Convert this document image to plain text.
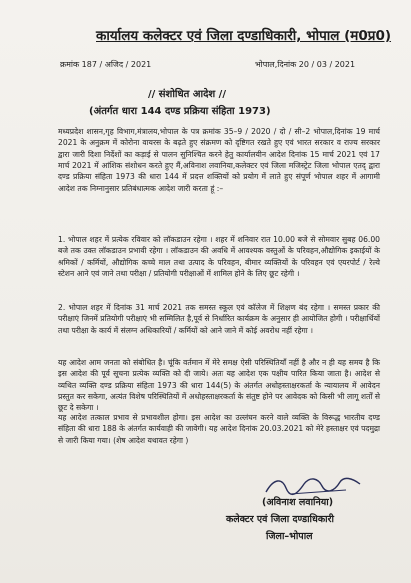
कार्यालय कलेक्टर एवं जिला दण्डाधिकारी, भोपाल (म0प्र0)
क्रमांक 187 / अजिद / 2021	भोपाल,दिनांक 20 / 03 / 2021
// संशोधित आदेश //
(अंतर्गत धारा 144 दण्ड प्रक्रिया संहिता 1973)
मध्यप्रदेश शासन,गृह विभाग,मंत्रालय,भोपाल के पत्र क्रमांक 35–9 / 2020 / दो / सी–2 भोपाल,दिनांक 19 मार्च 2021 के अनुक्रम में कोरोना वायरस के बढ़ते हुए संक्रमण को दृष्टिगत रखते हुए एवं भारत सरकार व राज्य सरकार द्वारा जारी दिशा निर्देशों का कड़ाई से पालन सुनिश्चित करने हेतु कार्यालयीन आदेश दिनांक 15 मार्च 2021 एवं 17 मार्च 2021 में आंशिक संशोधन करते हुए मैं,अविनाश लवानिया,कलेक्टर एवं जिला मजिस्ट्रेट जिला भोपाल एतद् द्वारा दण्ड प्रक्रिया संहिता 1973 की धारा 144 में प्रदत्त शक्तियों को प्रयोग में लाते हुए संपूर्ण भोपाल शहर में आगामी आदेश तक निम्नानुसार प्रतिबंधात्मक आदेश जारी करता हूं :–
1. भोपाल शहर में प्रत्येक रविवार को लॉकडाउन रहेगा । शहर में शनिवार रात 10.00 बजे से सोमवार सुबह 06.00 बजे तक उक्त लॉकडाउन प्रभावी रहेगा । लॉकडाउन की अवधि में आवश्यक वस्तुओं के परिवहन,औद्योगिक इकाईयों के श्रमिकों / कर्मियों, औद्योगिक कच्चे माल तथा उत्पाद के परिवहन, बीमार व्यक्तियों के परिवहन एवं एयरपोर्ट / रेल्वे स्टेशन आने एवं जाने तथा परीक्षा / प्रतियोगी परीक्षाओं में शामिल होने के लिए छूट रहेगी ।
2. भोपाल शहर में दिनांक 31 मार्च 2021 तक समस्त स्कूल एवं कॉलेज में शिक्षण बंद रहेगा । समस्त प्रकार की परीक्षाएं जिनमें प्रतियोगी परीक्षाएं भी सम्मिलित है,पूर्व से निर्धारित कार्यक्रम के अनुसार ही आयोजित होगी । परीक्षार्थियों तथा परीक्षा के कार्य में संलग्न अधिकारियों / कर्मियों को आने जाने में कोई अवरोध नहीं रहेगा ।
यह आदेश आम जनता को संबोधित है। चूंकि वर्तमान में मेरे समक्ष ऐसी परिस्थितियाँ नहीं है और न ही यह समय है कि इस आदेश की पूर्व सूचना प्रत्येक व्यक्ति को दी जाये। अतः यह आदेश एक पक्षीय पारित किया जाता है। आदेश से व्यथित व्यक्ति दण्ड प्रक्रिया संहिता 1973 की धारा 144(5) के अंतर्गत अधोहस्ताक्षरकर्ता के न्यायालय में आवेदन प्रस्तुत कर सकेगा, अत्यंत विशेष परिस्थितियों में अधोहस्ताक्षरकर्ता के संतुष्ट होने पर आवेदक को किसी भी लागू शर्तों से छूट दे सकेगा ।
यह आदेश तत्काल प्रभाव से प्रभावशील होगा। इस आदेश का उल्लंघन करने वाले व्यक्ति के विरूद्ध भारतीय दण्ड संहिता की धारा 188 के अंतर्गत कार्यवाही की जावेगी। यह आदेश दिनांक 20.03.2021 को मेरे हस्ताक्षर एवं पदमुद्रा से जारी किया गया। (शेष आदेश यथावत रहेगा )
(अविनाश लवानिया)
कलेक्टर एवं जिला दण्डाधिकारी
जिला–भोपाल
